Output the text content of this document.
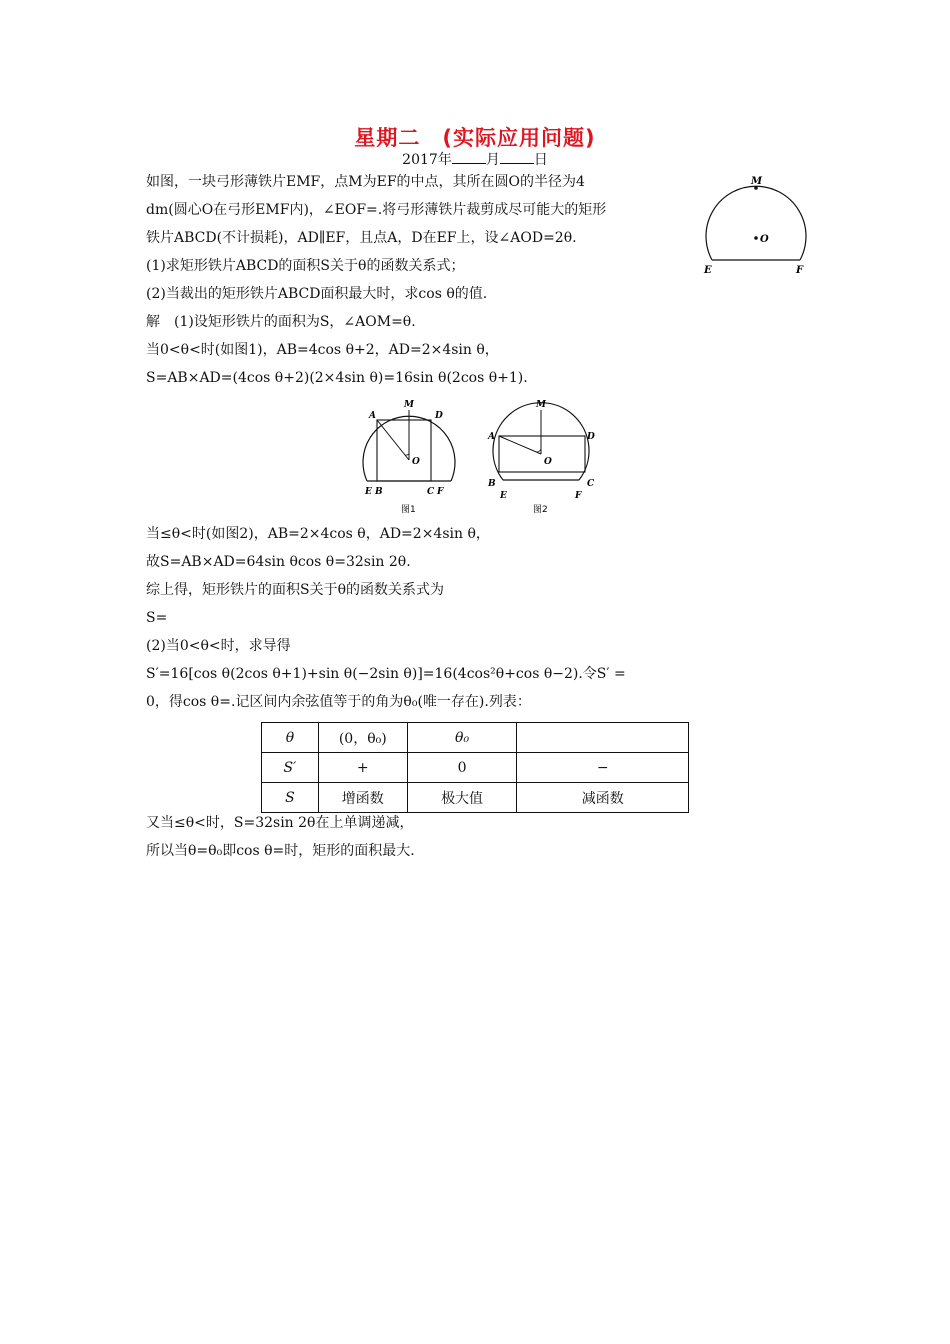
星期二　(实际应用问题)
2017年 月 日
如图，一块弓形薄铁片EMF，点M为EF的中点，其所在圆O的半径为4
dm(圆心O在弓形EMF内)，∠EOF=.将弓形薄铁片裁剪成尽可能大的矩形
铁片ABCD(不计损耗)，AD∥EF，且点A，D在EF上，设∠AOD=2θ.
(1)求矩形铁片ABCD的面积S关于θ的函数关系式；
(2)当裁出的矩形铁片ABCD面积最大时，求cos θ的值.
M
O
E	F
解　(1)设矩形铁片的面积为S，∠AOM=θ.
当0<θ<时(如图1)，AB=4cos θ+2，AD=2×4sin θ，
S=AB×AD=(4cos θ+2)(2×4sin θ)=16sin θ(2cos θ+1).
A
M
D
O
E B	C F
图1
A
M
D
O
B	C
E	F
图2
当≤θ<时(如图2)，AB=2×4cos θ，AD=2×4sin θ，
故S=AB×AD=64sin θcos θ=32sin 2θ.
综上得，矩形铁片的面积S关于θ的函数关系式为
S=
(2)当0<θ<时，求导得
S′=16[cos θ(2cos θ+1)+sin θ(−2sin θ)]=16(4cos²θ+cos θ−2).令S′ =
0，得cos θ=.记区间内余弦值等于的角为θ₀(唯一存在).列表：
θ	(0，θ₀)	θ₀	
S′	+	0	−
S	增函数	极大值	减函数
又当≤θ<时，S=32sin 2θ在上单调递减，
所以当θ=θ₀即cos θ=时，矩形的面积最大.
